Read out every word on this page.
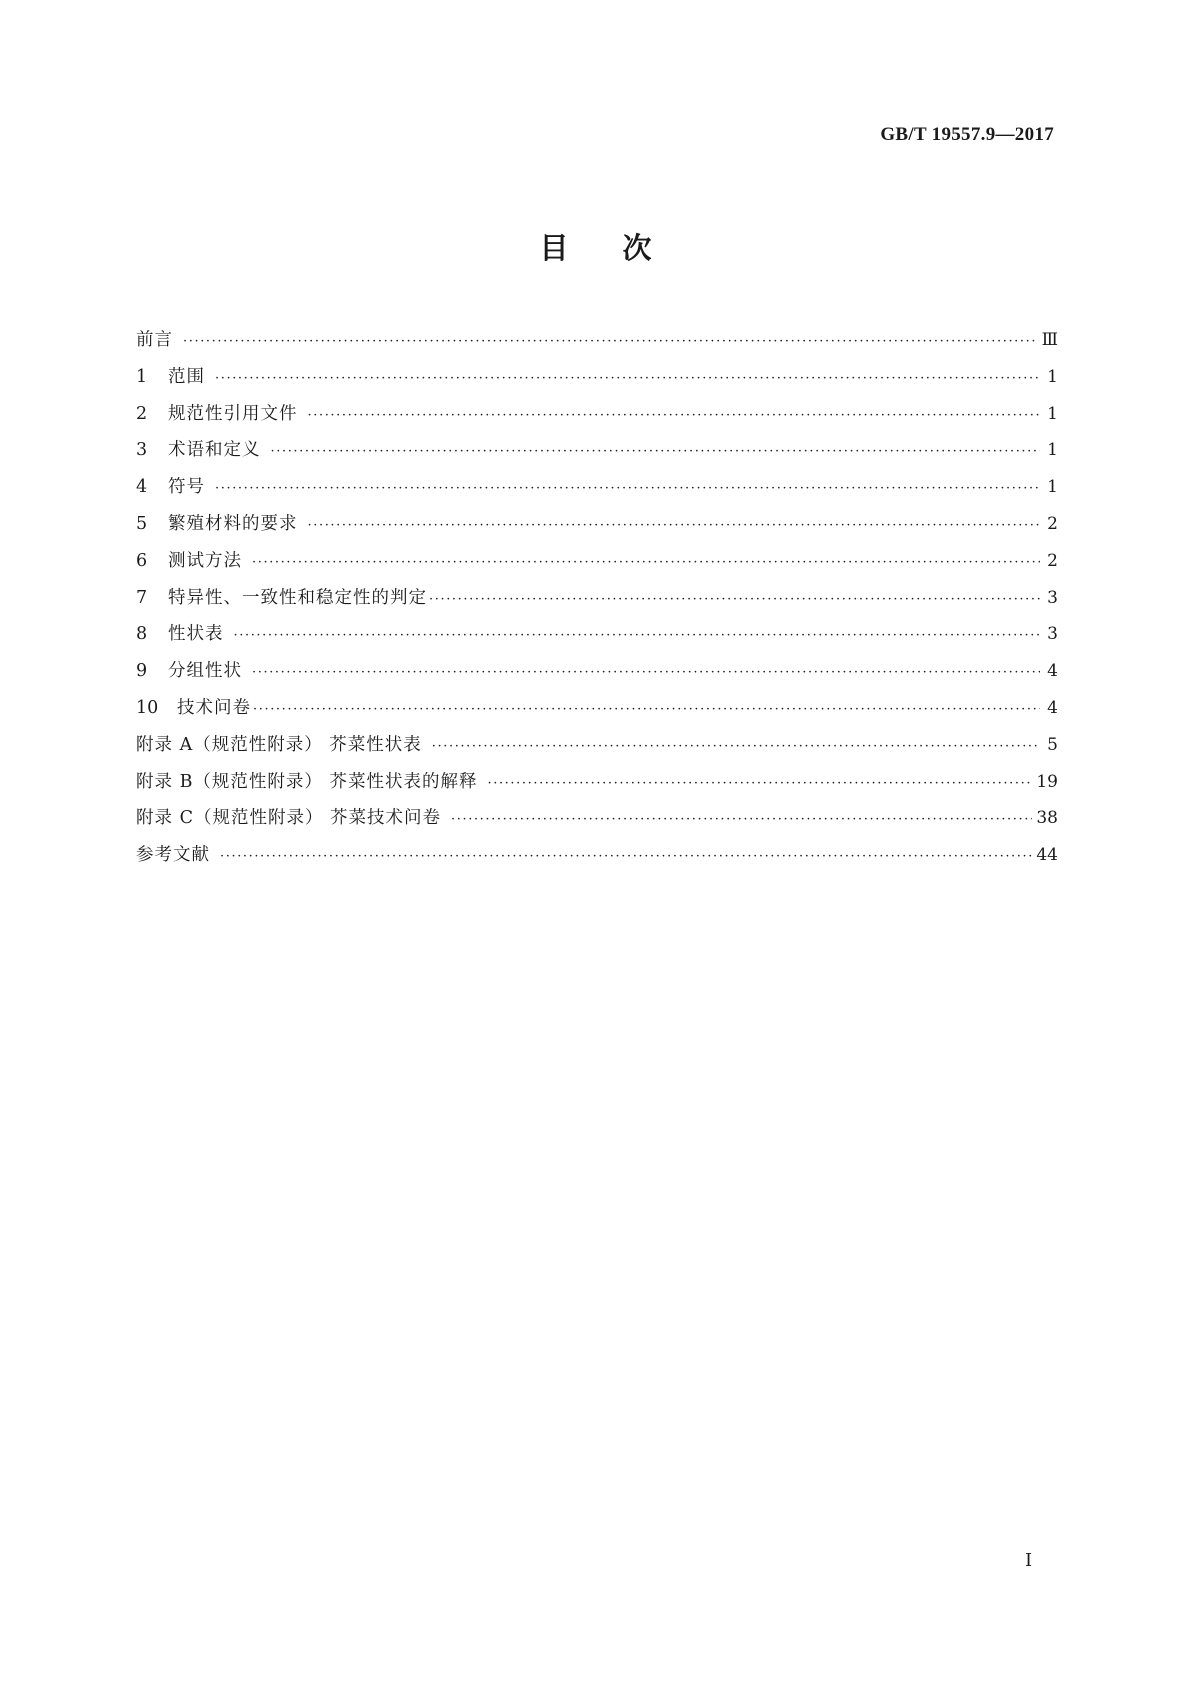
GB/T 19557.9—2017
目次
前言 ·····	Ⅲ
1	范围 ·····	1
2	规范性引用文件 ·····	1
3	术语和定义 ·····	1
4	符号 ·····	1
5	繁殖材料的要求 ·····	2
6	测试方法 ·····	2
7	特异性、一致性和稳定性的判定 ·····	3
8	性状表 ·····	3
9	分组性状 ·····	4
10	技术问卷 ·····	4
附录 A（规范性附录） 芥菜性状表 ·····	5
附录 B（规范性附录） 芥菜性状表的解释 ·····	19
附录 C（规范性附录） 芥菜技术问卷 ·····	38
参考文献 ·····	44
Ⅰ
